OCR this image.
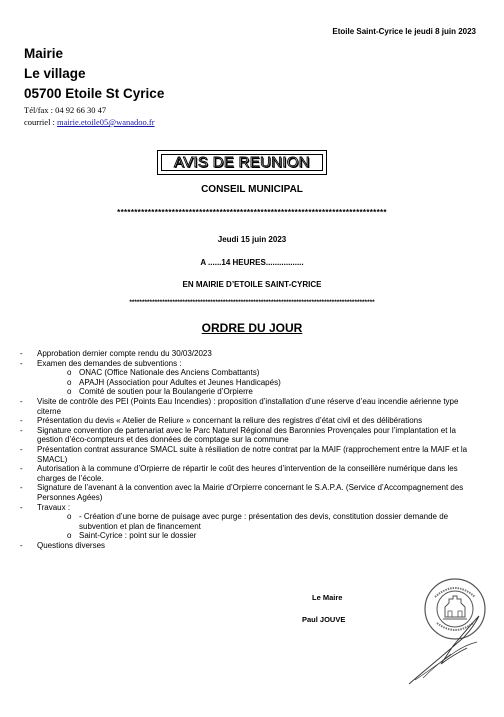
Etoile Saint-Cyrice le jeudi 8 juin 2023
Mairie
Le village
05700 Etoile St Cyrice
Tél/fax : 04 92 66 30 47
courriel : mairie.etoile05@wanadoo.fr
AVIS DE REUNION
CONSEIL MUNICIPAL
*******************************************************************************
Jeudi 15 juin 2023
A ......14 HEURES.................
EN MAIRIE D’ETOILE SAINT-CYRICE
*************************************************************************************************
ORDRE DU JOUR
-	Approbation dernier compte rendu du 30/03/2023
-	Examen des demandes de subventions :
o ONAC (Office Nationale des Anciens Combattants)
o APAJH (Association pour Adultes et Jeunes Handicapés)
o Comité de soutien pour la Boulangerie d’Orpierre
-	Visite de contrôle des PEI (Points Eau Incendies) : proposition d’installation d’une réserve d’eau incendie aérienne type citerne
-	Présentation du devis « Atelier de Reliure » concernant la reliure des registres d’état civil et des délibérations
-	Signature convention de partenariat avec le Parc Naturel Régional des Baronnies Provençales pour l’implantation et la gestion d’éco-compteurs et des données de comptage sur la commune
-	Présentation contrat assurance SMACL suite à résiliation de notre contrat par la MAIF (rapprochement entre la MAIF et la SMACL)
-	Autorisation à la commune d’Orpierre de répartir le coût des heures d’intervention de la conseillère numérique dans les charges de l’école.
-	Signature de l’avenant à la convention avec la Mairie d’Orpierre concernant le S.A.P.A. (Service d’Accompagnement des Personnes Agées)
-	Travaux :
o - Création d’une borne de puisage avec purge : présentation des devis, constitution dossier demande de subvention et plan de financement
o Saint-Cyrice : point sur le dossier
-	Questions diverses
Le Maire
Paul JOUVE
